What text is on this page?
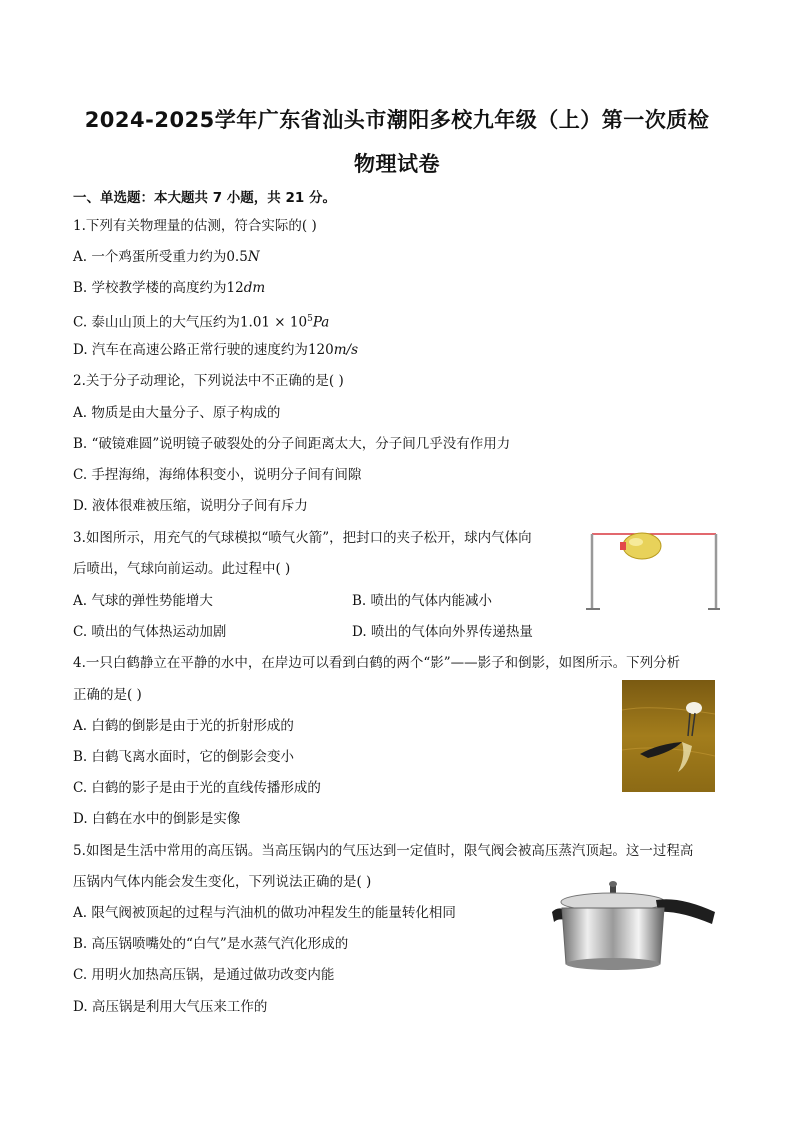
2024-2025学年广东省汕头市潮阳多校九年级（上）第一次质检
物理试卷
一、单选题：本大题共 7 小题，共 21 分。
1.下列有关物理量的估测，符合实际的( )
A. 一个鸡蛋所受重力约为0.5N
B. 学校教学楼的高度约为12dm
C. 泰山山顶上的大气压约为$1.01 \times 10^5Pa$
D. 汽车在高速公路正常行驶的速度约为120m/s
2.关于分子动理论，下列说法中不正确的是( )
A. 物质是由大量分子、原子构成的
B. “破镜难圆”说明镜子破裂处的分子间距离太大，分子间几乎没有作用力
C. 手捏海绵，海绵体积变小，说明分子间有间隙
D. 液体很难被压缩，说明分子间有斥力
3.如图所示，用充气的气球模拟“喷气火箭”，把封口的夹子松开，球内气体向
后喷出，气球向前运动。此过程中( )
A. 气球的弹性势能增大	B. 喷出的气体内能减小
C. 喷出的气体热运动加剧	D. 喷出的气体向外界传递热量
4.一只白鹤静立在平静的水中，在岸边可以看到白鹤的两个“影”——影子和倒影，如图所示。下列分析
正确的是( )
A. 白鹤的倒影是由于光的折射形成的
B. 白鹤飞离水面时，它的倒影会变小
C. 白鹤的影子是由于光的直线传播形成的
D. 白鹤在水中的倒影是实像
5.如图是生活中常用的高压锅。当高压锅内的气压达到一定值时，限气阀会被高压蒸汽顶起。这一过程高
压锅内气体内能会发生变化，下列说法正确的是( )
A. 限气阀被顶起的过程与汽油机的做功冲程发生的能量转化相同
B. 高压锅喷嘴处的“白气”是水蒸气汽化形成的
C. 用明火加热高压锅，是通过做功改变内能
D. 高压锅是利用大气压来工作的
